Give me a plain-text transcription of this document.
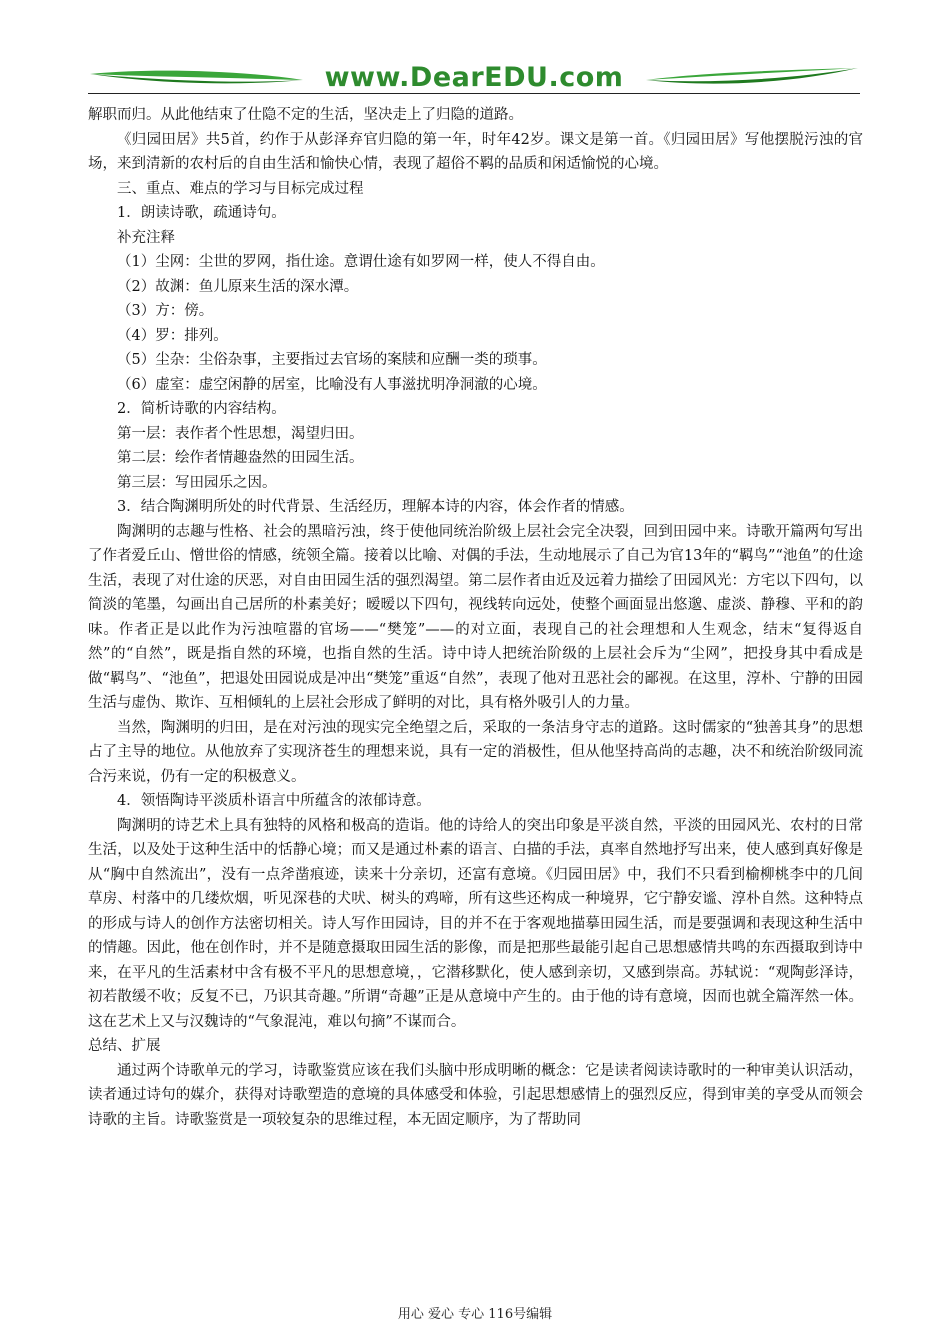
www.DearEDU.com

解职而归。从此他结束了仕隐不定的生活，坚决走上了归隐的道路。

《归园田居》共5首，约作于从彭泽弃官归隐的第一年，时年42岁。课文是第一首。《归园田居》写他摆脱污浊的官场，来到清新的农村后的自由生活和愉快心情，表现了超俗不羁的品质和闲适愉悦的心境。

三、重点、难点的学习与目标完成过程

1．朗读诗歌，疏通诗句。

补充注释

（1）尘网：尘世的罗网，指仕途。意谓仕途有如罗网一样，使人不得自由。

（2）故渊：鱼儿原来生活的深水潭。

（3）方：傍。

（4）罗：排列。

（5）尘杂：尘俗杂事，主要指过去官场的案牍和应酬一类的琐事。

（6）虚室：虚空闲静的居室，比喻没有人事滋扰明净洞澈的心境。

2．简析诗歌的内容结构。

第一层：表作者个性思想，渴望归田。

第二层：绘作者情趣盎然的田园生活。

第三层：写田园乐之因。

3．结合陶渊明所处的时代背景、生活经历，理解本诗的内容，体会作者的情感。

陶渊明的志趣与性格、社会的黑暗污浊，终于使他同统治阶级上层社会完全决裂，回到田园中来。诗歌开篇两句写出了作者爱丘山、憎世俗的情感，统领全篇。接着以比喻、对偶的手法，生动地展示了自己为官13年的“羁鸟”“池鱼”的仕途生活，表现了对仕途的厌恶，对自由田园生活的强烈渴望。第二层作者由近及远着力描绘了田园风光：方宅以下四句，以简淡的笔墨，勾画出自己居所的朴素美好；暧暧以下四句，视线转向远处，使整个画面显出悠邈、虚淡、静穆、平和的韵味。作者正是以此作为污浊喧嚣的官场——“樊笼”——的对立面，表现自己的社会理想和人生观念，结末“复得返自然”的“自然”，既是指自然的环境，也指自然的生活。诗中诗人把统治阶级的上层社会斥为“尘网”，把投身其中看成是做“羁鸟”、“池鱼”，把退处田园说成是冲出“樊笼”重返“自然”，表现了他对丑恶社会的鄙视。在这里，淳朴、宁静的田园生活与虚伪、欺诈、互相倾轧的上层社会形成了鲜明的对比，具有格外吸引人的力量。

当然，陶渊明的归田，是在对污浊的现实完全绝望之后，采取的一条洁身守志的道路。这时儒家的“独善其身”的思想占了主导的地位。从他放弃了实现济苍生的理想来说，具有一定的消极性，但从他坚持高尚的志趣，决不和统治阶级同流合污来说，仍有一定的积极意义。

4．领悟陶诗平淡质朴语言中所蕴含的浓郁诗意。

陶渊明的诗艺术上具有独特的风格和极高的造诣。他的诗给人的突出印象是平淡自然，平淡的田园风光、农村的日常生活，以及处于这种生活中的恬静心境；而又是通过朴素的语言、白描的手法，真率自然地抒写出来，使人感到真好像是从“胸中自然流出”，没有一点斧凿痕迹，读来十分亲切，还富有意境。《归园田居》中，我们不只看到榆柳桃李中的几间草房、村落中的几缕炊烟，听见深巷的犬吠、树头的鸡啼，所有这些还构成一种境界，它宁静安谧、淳朴自然。这种特点的形成与诗人的创作方法密切相关。诗人写作田园诗，目的并不在于客观地描摹田园生活，而是要强调和表现这种生活中的情趣。因此，他在创作时，并不是随意摄取田园生活的影像，而是把那些最能引起自己思想感情共鸣的东西摄取到诗中来，在平凡的生活素材中含有极不平凡的思想意境，，它潜移默化，使人感到亲切，又感到崇高。苏轼说：“观陶彭泽诗，初若散缓不收；反复不已，乃识其奇趣。”所谓“奇趣”正是从意境中产生的。由于他的诗有意境，因而也就全篇浑然一体。这在艺术上又与汉魏诗的“气象混沌，难以句摘”不谋而合。

总结、扩展

通过两个诗歌单元的学习，诗歌鉴赏应该在我们头脑中形成明晰的概念：它是读者阅读诗歌时的一种审美认识活动，读者通过诗句的媒介，获得对诗歌塑造的意境的具体感受和体验，引起思想感情上的强烈反应，得到审美的享受从而领会诗歌的主旨。诗歌鉴赏是一项较复杂的思维过程，本无固定顺序，为了帮助同

用心 爱心 专心 116号编辑
